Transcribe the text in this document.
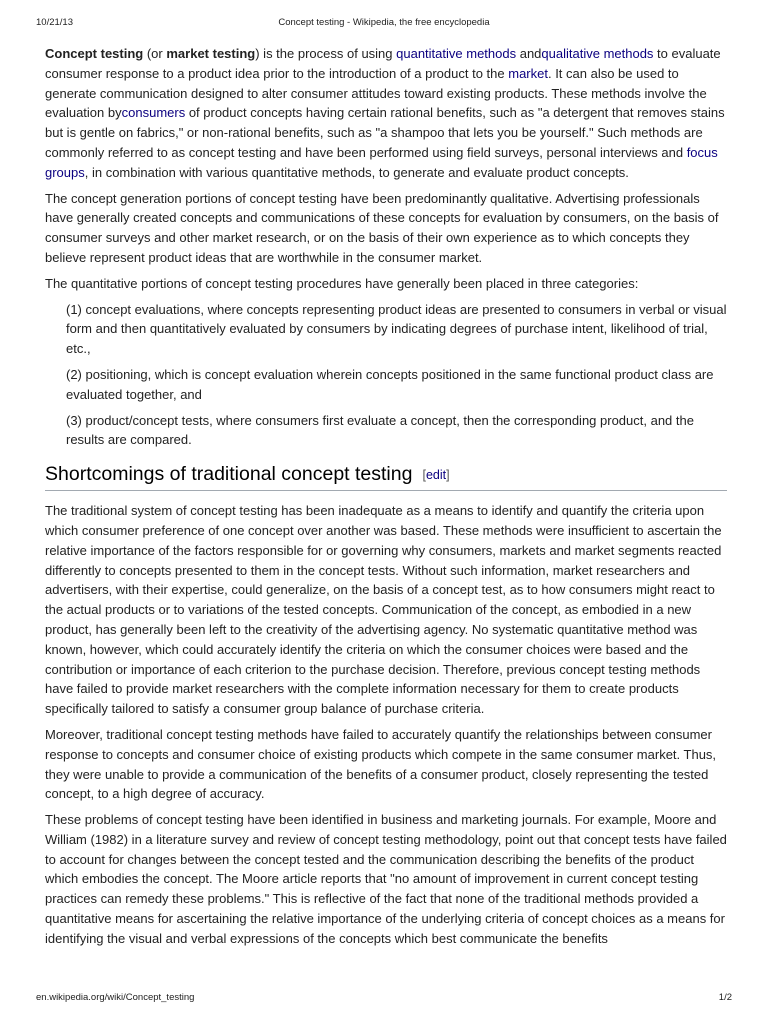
10/21/13	Concept testing - Wikipedia, the free encyclopedia

Concept testing (or market testing) is the process of using quantitative methods andqualitative methods to evaluate consumer response to a product idea prior to the introduction of a product to the market. It can also be used to generate communication designed to alter consumer attitudes toward existing products. These methods involve the evaluation byconsumers of product concepts having certain rational benefits, such as "a detergent that removes stains but is gentle on fabrics," or non-rational benefits, such as "a shampoo that lets you be yourself." Such methods are commonly referred to as concept testing and have been performed using field surveys, personal interviews and focus groups, in combination with various quantitative methods, to generate and evaluate product concepts.

The concept generation portions of concept testing have been predominantly qualitative. Advertising professionals have generally created concepts and communications of these concepts for evaluation by consumers, on the basis of consumer surveys and other market research, or on the basis of their own experience as to which concepts they believe represent product ideas that are worthwhile in the consumer market.

The quantitative portions of concept testing procedures have generally been placed in three categories:

(1) concept evaluations, where concepts representing product ideas are presented to consumers in verbal or visual form and then quantitatively evaluated by consumers by indicating degrees of purchase intent, likelihood of trial, etc.,

(2) positioning, which is concept evaluation wherein concepts positioned in the same functional product class are evaluated together, and

(3) product/concept tests, where consumers first evaluate a concept, then the corresponding product, and the results are compared.

Shortcomings of traditional concept testing [edit]

The traditional system of concept testing has been inadequate as a means to identify and quantify the criteria upon which consumer preference of one concept over another was based. These methods were insufficient to ascertain the relative importance of the factors responsible for or governing why consumers, markets and market segments reacted differently to concepts presented to them in the concept tests. Without such information, market researchers and advertisers, with their expertise, could generalize, on the basis of a concept test, as to how consumers might react to the actual products or to variations of the tested concepts. Communication of the concept, as embodied in a new product, has generally been left to the creativity of the advertising agency. No systematic quantitative method was known, however, which could accurately identify the criteria on which the consumer choices were based and the contribution or importance of each criterion to the purchase decision. Therefore, previous concept testing methods have failed to provide market researchers with the complete information necessary for them to create products specifically tailored to satisfy a consumer group balance of purchase criteria.

Moreover, traditional concept testing methods have failed to accurately quantify the relationships between consumer response to concepts and consumer choice of existing products which compete in the same consumer market. Thus, they were unable to provide a communication of the benefits of a consumer product, closely representing the tested concept, to a high degree of accuracy.

These problems of concept testing have been identified in business and marketing journals. For example, Moore and William (1982) in a literature survey and review of concept testing methodology, point out that concept tests have failed to account for changes between the concept tested and the communication describing the benefits of the product which embodies the concept. The Moore article reports that "no amount of improvement in current concept testing practices can remedy these problems." This is reflective of the fact that none of the traditional methods provided a quantitative means for ascertaining the relative importance of the underlying criteria of concept choices as a means for identifying the visual and verbal expressions of the concepts which best communicate the benefits

en.wikipedia.org/wiki/Concept_testing	1/2
